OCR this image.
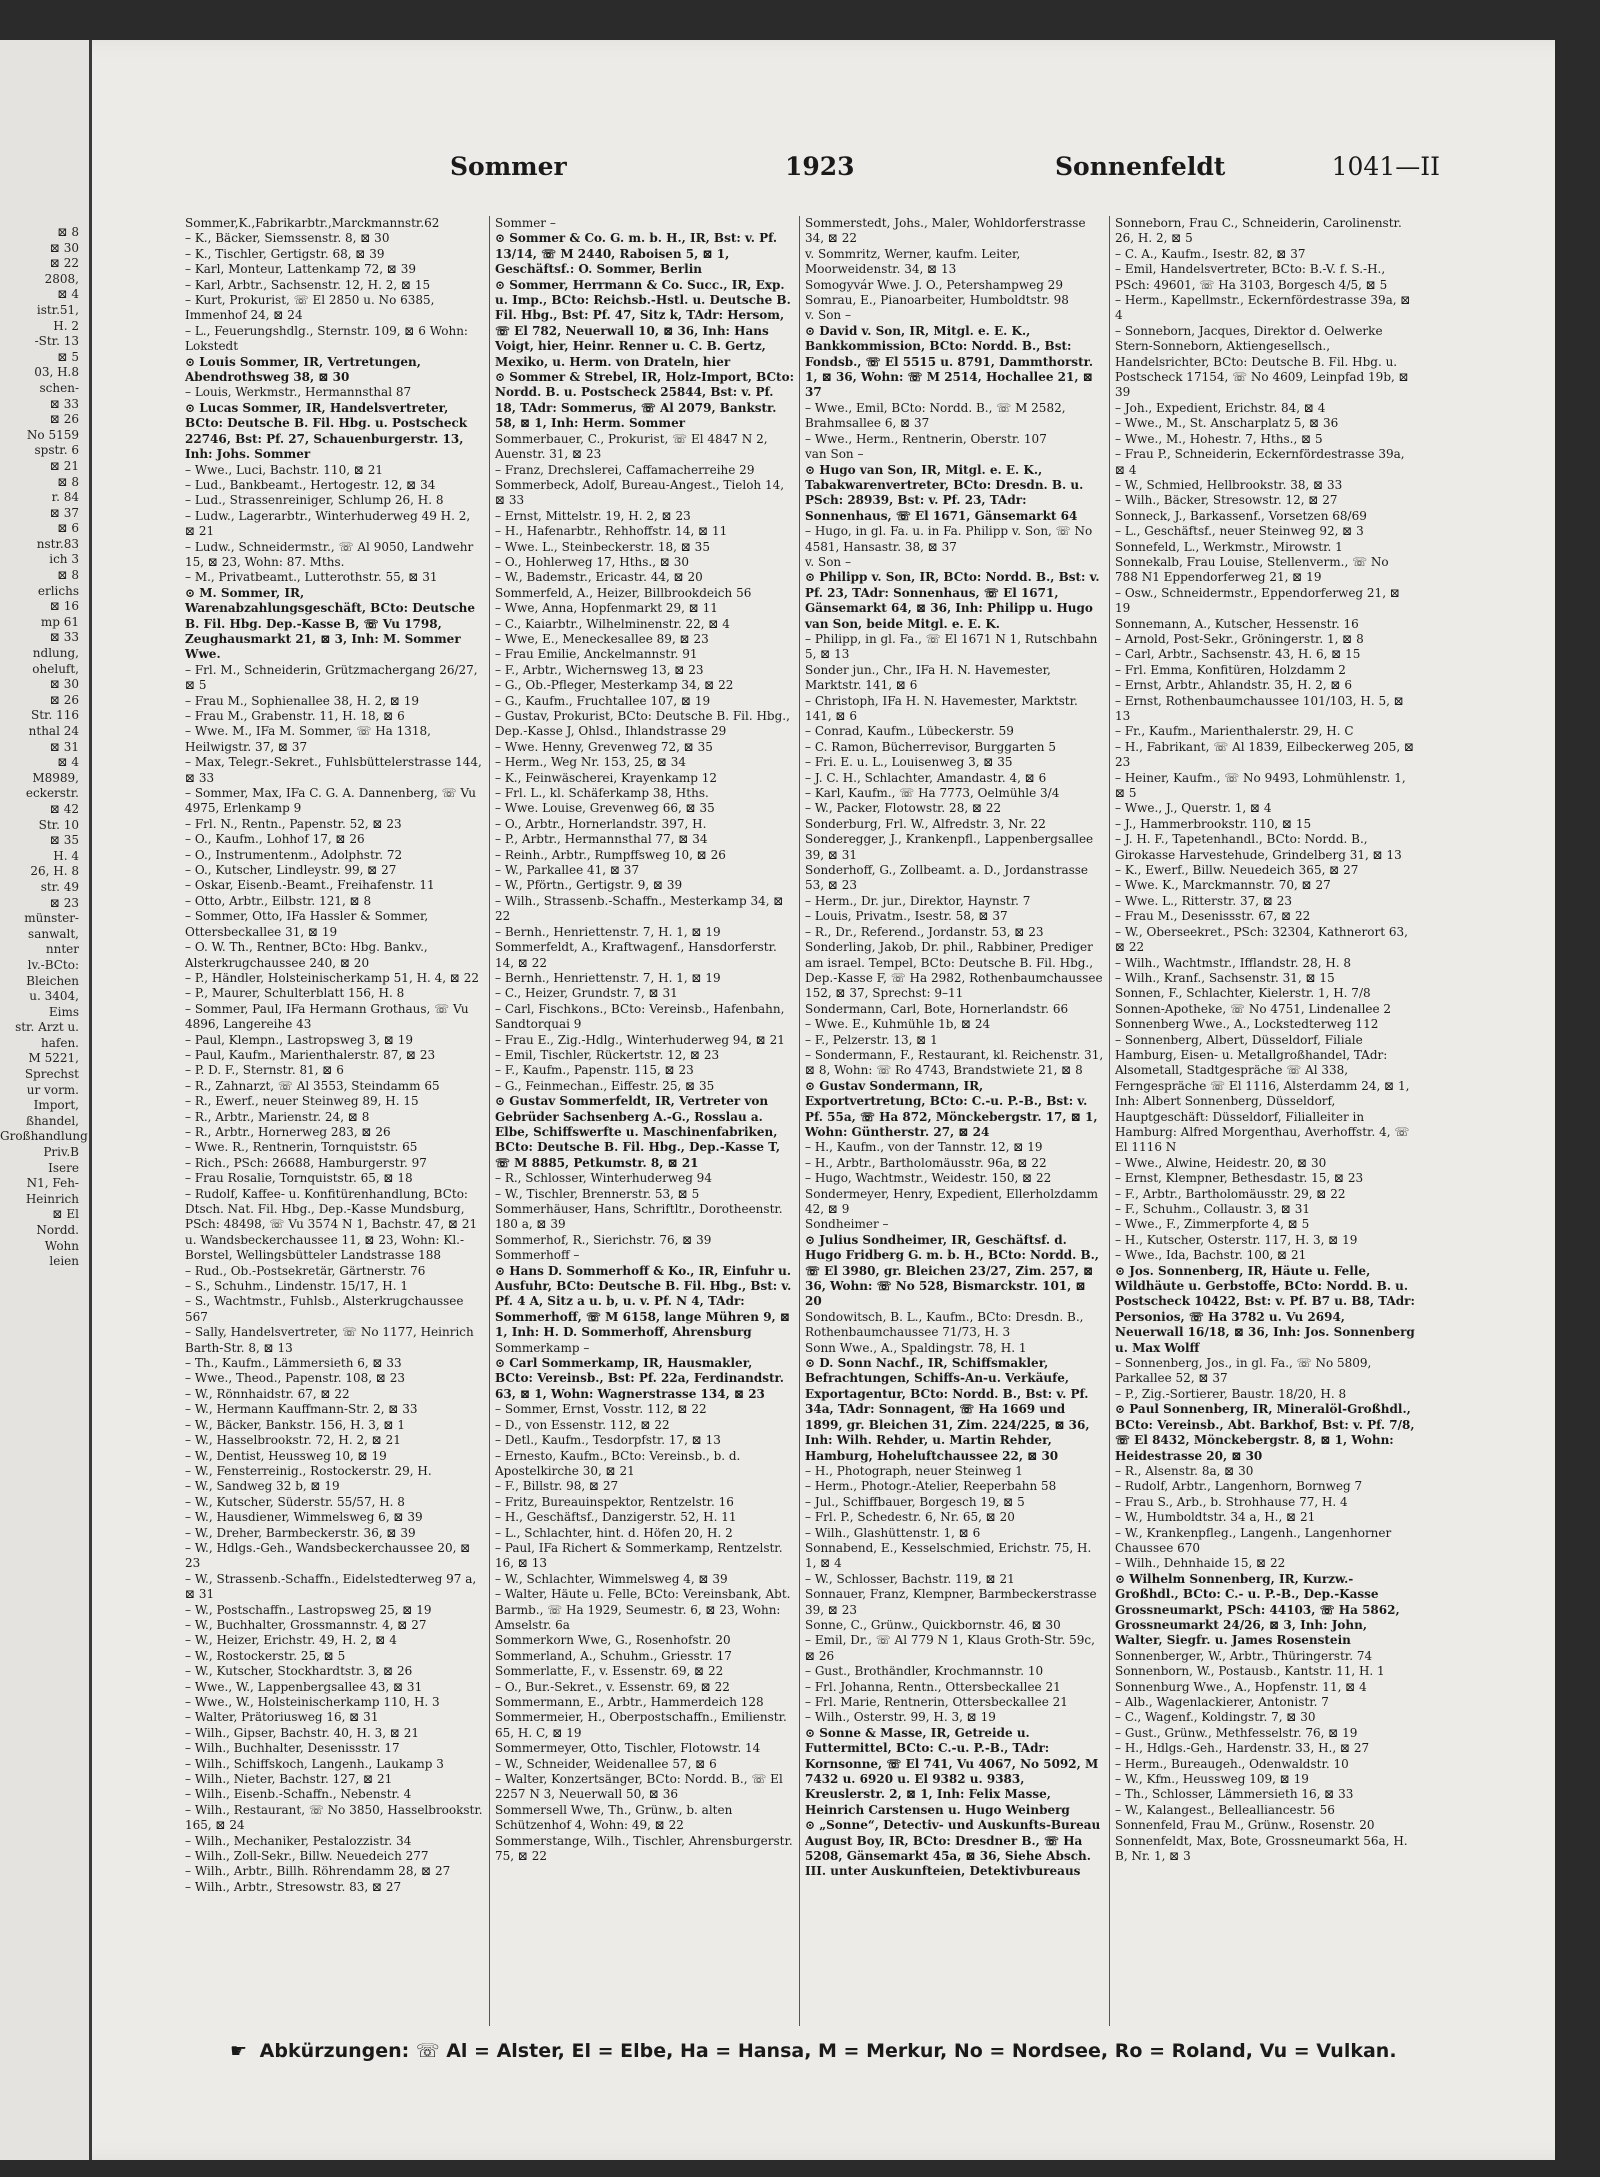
⊠ 8
⊠ 30
⊠ 22
2808,
⊠ 4
istr.51,
H. 2
-Str. 13
⊠ 5
03, H.8
schen-
⊠ 33
⊠ 26
No 5159
spstr. 6
⊠ 21
⊠ 8
r. 84
⊠ 37
⊠ 6
nstr.83
ich 3
⊠ 8
erlichs
⊠ 16
mp 61
⊠ 33
ndlung,
oheluft,
⊠ 30
⊠ 26
Str. 116
nthal 24
⊠ 31
⊠ 4
M8989,
eckerstr.
⊠ 42
Str. 10
⊠ 35
H. 4
26, H. 8
str. 49
⊠ 23
münster-
sanwalt,
nnter
lv.-BCto:
Bleichen
u. 3404,
Eims
str. Arzt u.
hafen.
M 5221,
Sprechst
ur vorm.
Import,
ßhandel,
Großhandlung
Priv.B
Isere
N1, Feh-
Heinrich
⊠ El
Nordd.
Wohn
leien
Sommer	1923	Sonnenfeldt	1041—II
Sommer,K.,Fabrikarbtr.,Marckmannstr.62
– K., Bäcker, Siemssenstr. 8, ⊠ 30
– K., Tischler, Gertigstr. 68, ⊠ 39
– Karl, Monteur, Lattenkamp 72, ⊠ 39
– Karl, Arbtr., Sachsenstr. 12, H. 2, ⊠ 15
– Kurt, Prokurist, ☏ El 2850 u. No 6385, Immenhof 24, ⊠ 24
– L., Feuerungshdlg., Sternstr. 109, ⊠ 6 Wohn: Lokstedt
⊙ Louis Sommer, IR, Vertretungen, Abendrothsweg 38, ⊠ 30
– Louis, Werkmstr., Hermannsthal 87
⊙ Lucas Sommer, IR, Handelsvertreter, BCto: Deutsche B. Fil. Hbg. u. Postscheck 22746, Bst: Pf. 27, Schauenburgerstr. 13, Inh: Johs. Sommer
– Wwe., Luci, Bachstr. 110, ⊠ 21
– Lud., Bankbeamt., Hertogestr. 12, ⊠ 34
– Lud., Strassenreiniger, Schlump 26, H. 8
– Ludw., Lagerarbtr., Winterhuderweg 49 H. 2, ⊠ 21
– Ludw., Schneidermstr., ☏ Al 9050, Landwehr 15, ⊠ 23, Wohn: 87. Mths.
– M., Privatbeamt., Lutterothstr. 55, ⊠ 31
⊙ M. Sommer, IR, Warenabzahlungsgeschäft, BCto: Deutsche B. Fil. Hbg. Dep.-Kasse B, ☏ Vu 1798, Zeughausmarkt 21, ⊠ 3, Inh: M. Sommer Wwe.
– Frl. M., Schneiderin, Grützmachergang 26/27, ⊠ 5
– Frau M., Sophienallee 38, H. 2, ⊠ 19
– Frau M., Grabenstr. 11, H. 18, ⊠ 6
– Wwe. M., IFa M. Sommer, ☏ Ha 1318, Heilwigstr. 37, ⊠ 37
– Max, Telegr.-Sekret., Fuhlsbüttelerstrasse 144, ⊠ 33
– Sommer, Max, IFa C. G. A. Dannenberg, ☏ Vu 4975, Erlenkamp 9
– Frl. N., Rentn., Papenstr. 52, ⊠ 23
– O., Kaufm., Lohhof 17, ⊠ 26
– O., Instrumentenm., Adolphstr. 72
– O., Kutscher, Lindleystr. 99, ⊠ 27
– Oskar, Eisenb.-Beamt., Freihafenstr. 11
– Otto, Arbtr., Eilbstr. 121, ⊠ 8
– Sommer, Otto, IFa Hassler & Sommer, Ottersbeckallee 31, ⊠ 19
– O. W. Th., Rentner, BCto: Hbg. Bankv., Alsterkrugchaussee 240, ⊠ 20
– P., Händler, Holsteinischerkamp 51, H. 4, ⊠ 22
– P., Maurer, Schulterblatt 156, H. 8
– Sommer, Paul, IFa Hermann Grothaus, ☏ Vu 4896, Langereihe 43
– Paul, Klempn., Lastropsweg 3, ⊠ 19
– Paul, Kaufm., Marienthalerstr. 87, ⊠ 23
– P. D. F., Sternstr. 81, ⊠ 6
– R., Zahnarzt, ☏ Al 3553, Steindamm 65
– R., Ewerf., neuer Steinweg 89, H. 15
– R., Arbtr., Marienstr. 24, ⊠ 8
– R., Arbtr., Hornerweg 283, ⊠ 26
– Wwe. R., Rentnerin, Tornquiststr. 65
– Rich., PSch: 26688, Hamburgerstr. 97
– Frau Rosalie, Tornquiststr. 65, ⊠ 18
– Rudolf, Kaffee- u. Konfitürenhandlung, BCto: Dtsch. Nat. Fil. Hbg., Dep.-Kasse Mundsburg, PSch: 48498, ☏ Vu 3574 N 1, Bachstr. 47, ⊠ 21 u. Wandsbeckerchaussee 11, ⊠ 23, Wohn: Kl.-Borstel, Wellingsbütteler Landstrasse 188
– Rud., Ob.-Postsekretär, Gärtnerstr. 76
– S., Schuhm., Lindenstr. 15/17, H. 1
– S., Wachtmstr., Fuhlsb., Alsterkrugchaussee 567
– Sally, Handelsvertreter, ☏ No 1177, Heinrich Barth-Str. 8, ⊠ 13
– Th., Kaufm., Lämmersieth 6, ⊠ 33
– Wwe., Theod., Papenstr. 108, ⊠ 23
– W., Rönnhaidstr. 67, ⊠ 22
– W., Hermann Kauffmann-Str. 2, ⊠ 33
– W., Bäcker, Bankstr. 156, H. 3, ⊠ 1
– W., Hasselbrookstr. 72, H. 2, ⊠ 21
– W., Dentist, Heussweg 10, ⊠ 19
– W., Fensterreinig., Rostockerstr. 29, H.
– W., Sandweg 32 b, ⊠ 19
– W., Kutscher, Süderstr. 55/57, H. 8
– W., Hausdiener, Wimmelsweg 6, ⊠ 39
– W., Dreher, Barmbeckerstr. 36, ⊠ 39
– W., Hdlgs.-Geh., Wandsbeckerchaussee 20, ⊠ 23
– W., Strassenb.-Schaffn., Eidelstedterweg 97 a, ⊠ 31
– W., Postschaffn., Lastropsweg 25, ⊠ 19
– W., Buchhalter, Grossmannstr. 4, ⊠ 27
– W., Heizer, Erichstr. 49, H. 2, ⊠ 4
– W., Rostockerstr. 25, ⊠ 5
– W., Kutscher, Stockhardtstr. 3, ⊠ 26
– Wwe., W., Lappenbergsallee 43, ⊠ 31
– Wwe., W., Holsteinischerkamp 110, H. 3
– Walter, Prätoriusweg 16, ⊠ 31
– Wilh., Gipser, Bachstr. 40, H. 3, ⊠ 21
– Wilh., Buchhalter, Desenissstr. 17
– Wilh., Schiffskoch, Langenh., Laukamp 3
– Wilh., Nieter, Bachstr. 127, ⊠ 21
– Wilh., Eisenb.-Schaffn., Nebenstr. 4
– Wilh., Restaurant, ☏ No 3850, Hasselbrookstr. 165, ⊠ 24
– Wilh., Mechaniker, Pestalozzistr. 34
– Wilh., Zoll-Sekr., Billw. Neuedeich 277
– Wilh., Arbtr., Billh. Röhrendamm 28, ⊠ 27
– Wilh., Arbtr., Stresowstr. 83, ⊠ 27
Sommer –
⊙ Sommer & Co. G. m. b. H., IR, Bst: v. Pf. 13/14, ☏ M 2440, Raboisen 5, ⊠ 1, Geschäftsf.: O. Sommer, Berlin
⊙ Sommer, Herrmann & Co. Succ., IR, Exp. u. Imp., BCto: Reichsb.-Hstl. u. Deutsche B. Fil. Hbg., Bst: Pf. 47, Sitz k, TAdr: Hersom, ☏ El 782, Neuerwall 10, ⊠ 36, Inh: Hans Voigt, hier, Heinr. Renner u. C. B. Gertz, Mexiko, u. Herm. von Drateln, hier
⊙ Sommer & Strebel, IR, Holz-Import, BCto: Nordd. B. u. Postscheck 25844, Bst: v. Pf. 18, TAdr: Sommerus, ☏ Al 2079, Bankstr. 58, ⊠ 1, Inh: Herm. Sommer
Sommerbauer, C., Prokurist, ☏ El 4847 N 2, Auenstr. 31, ⊠ 23
– Franz, Drechslerei, Caffamacherreihe 29
Sommerbeck, Adolf, Bureau-Angest., Tieloh 14, ⊠ 33
– Ernst, Mittelstr. 19, H. 2, ⊠ 23
– H., Hafenarbtr., Rehhoffstr. 14, ⊠ 11
– Wwe. L., Steinbeckerstr. 18, ⊠ 35
– O., Hohlerweg 17, Hths., ⊠ 30
– W., Bademstr., Ericastr. 44, ⊠ 20
Sommerfeld, A., Heizer, Billbrookdeich 56
– Wwe, Anna, Hopfenmarkt 29, ⊠ 11
– C., Kaiarbtr., Wilhelminenstr. 22, ⊠ 4
– Wwe, E., Meneckesallee 89, ⊠ 23
– Frau Emilie, Anckelmannstr. 91
– F., Arbtr., Wichernsweg 13, ⊠ 23
– G., Ob.-Pfleger, Mesterkamp 34, ⊠ 22
– G., Kaufm., Fruchtallee 107, ⊠ 19
– Gustav, Prokurist, BCto: Deutsche B. Fil. Hbg., Dep.-Kasse J, Ohlsd., Ihlandstrasse 29
– Wwe. Henny, Grevenweg 72, ⊠ 35
– Herm., Weg Nr. 153, 25, ⊠ 34
– K., Feinwäscherei, Krayenkamp 12
– Frl. L., kl. Schäferkamp 38, Hths.
– Wwe. Louise, Grevenweg 66, ⊠ 35
– O., Arbtr., Hornerlandstr. 397, H.
– P., Arbtr., Hermannsthal 77, ⊠ 34
– Reinh., Arbtr., Rumpffsweg 10, ⊠ 26
– W., Parkallee 41, ⊠ 37
– W., Pförtn., Gertigstr. 9, ⊠ 39
– Wilh., Strassenb.-Schaffn., Mesterkamp 34, ⊠ 22
– Bernh., Henriettenstr. 7, H. 1, ⊠ 19
Sommerfeldt, A., Kraftwagenf., Hansdorferstr. 14, ⊠ 22
– Bernh., Henriettenstr. 7, H. 1, ⊠ 19
– C., Heizer, Grundstr. 7, ⊠ 31
– Carl, Fischkons., BCto: Vereinsb., Hafenbahn, Sandtorquai 9
– Frau E., Zig.-Hdlg., Winterhuderweg 94, ⊠ 21
– Emil, Tischler, Rückertstr. 12, ⊠ 23
– F., Kaufm., Papenstr. 115, ⊠ 23
– G., Feinmechan., Eiffestr. 25, ⊠ 35
⊙ Gustav Sommerfeldt, IR, Vertreter von Gebrüder Sachsenberg A.-G., Rosslau a. Elbe, Schiffswerfte u. Maschinenfabriken, BCto: Deutsche B. Fil. Hbg., Dep.-Kasse T, ☏ M 8885, Petkumstr. 8, ⊠ 21
– R., Schlosser, Winterhuderweg 94
– W., Tischler, Brennerstr. 53, ⊠ 5
Sommerhäuser, Hans, Schriftltr., Dorotheenstr. 180 a, ⊠ 39
Sommerhof, R., Sierichstr. 76, ⊠ 39
Sommerhoff –
⊙ Hans D. Sommerhoff & Ko., IR, Einfuhr u. Ausfuhr, BCto: Deutsche B. Fil. Hbg., Bst: v. Pf. 4 A, Sitz a u. b, u. v. Pf. N 4, TAdr: Sommerhoff, ☏ M 6158, lange Mühren 9, ⊠ 1, Inh: H. D. Sommerhoff, Ahrensburg
Sommerkamp –
⊙ Carl Sommerkamp, IR, Hausmakler, BCto: Vereinsb., Bst: Pf. 22a, Ferdinandstr. 63, ⊠ 1, Wohn: Wagnerstrasse 134, ⊠ 23
– Sommer, Ernst, Vosstr. 112, ⊠ 22
– D., von Essenstr. 112, ⊠ 22
– Detl., Kaufm., Tesdorpfstr. 17, ⊠ 13
– Ernesto, Kaufm., BCto: Vereinsb., b. d. Apostelkirche 30, ⊠ 21
– F., Billstr. 98, ⊠ 27
– Fritz, Bureauinspektor, Rentzelstr. 16
– H., Geschäftsf., Danzigerstr. 52, H. 11
– L., Schlachter, hint. d. Höfen 20, H. 2
– Paul, IFa Richert & Sommerkamp, Rentzelstr. 16, ⊠ 13
– W., Schlachter, Wimmelsweg 4, ⊠ 39
– Walter, Häute u. Felle, BCto: Vereinsbank, Abt. Barmb., ☏ Ha 1929, Seumestr. 6, ⊠ 23, Wohn: Amselstr. 6a
Sommerkorn Wwe, G., Rosenhofstr. 20
Sommerland, A., Schuhm., Griesstr. 17
Sommerlatte, F., v. Essenstr. 69, ⊠ 22
– O., Bur.-Sekret., v. Essenstr. 69, ⊠ 22
Sommermann, E., Arbtr., Hammerdeich 128
Sommermeier, H., Oberpostschaffn., Emilienstr. 65, H. C, ⊠ 19
Sommermeyer, Otto, Tischler, Flotowstr. 14
– W., Schneider, Weidenallee 57, ⊠ 6
– Walter, Konzertsänger, BCto: Nordd. B., ☏ El 2257 N 3, Neuerwall 50, ⊠ 36
Sommersell Wwe, Th., Grünw., b. alten Schützenhof 4, Wohn: 49, ⊠ 22
Sommerstange, Wilh., Tischler, Ahrensburgerstr. 75, ⊠ 22
Sommerstedt, Johs., Maler, Wohldorferstrasse 34, ⊠ 22
v. Sommritz, Werner, kaufm. Leiter, Moorweidenstr. 34, ⊠ 13
Somogyvár Wwe. J. O., Petershampweg 29
Somrau, E., Pianoarbeiter, Humboldtstr. 98
v. Son –
⊙ David v. Son, IR, Mitgl. e. E. K., Bankkommission, BCto: Nordd. B., Bst: Fondsb., ☏ El 5515 u. 8791, Dammthorstr. 1, ⊠ 36, Wohn: ☏ M 2514, Hochallee 21, ⊠ 37
– Wwe., Emil, BCto: Nordd. B., ☏ M 2582, Brahmsallee 6, ⊠ 37
– Wwe., Herm., Rentnerin, Oberstr. 107
van Son –
⊙ Hugo van Son, IR, Mitgl. e. E. K., Tabakwarenvertreter, BCto: Dresdn. B. u. PSch: 28939, Bst: v. Pf. 23, TAdr: Sonnenhaus, ☏ El 1671, Gänsemarkt 64
– Hugo, in gl. Fa. u. in Fa. Philipp v. Son, ☏ No 4581, Hansastr. 38, ⊠ 37
v. Son –
⊙ Philipp v. Son, IR, BCto: Nordd. B., Bst: v. Pf. 23, TAdr: Sonnenhaus, ☏ El 1671, Gänsemarkt 64, ⊠ 36, Inh: Philipp u. Hugo van Son, beide Mitgl. e. E. K.
– Philipp, in gl. Fa., ☏ El 1671 N 1, Rutschbahn 5, ⊠ 13
Sonder jun., Chr., IFa H. N. Havemester, Marktstr. 141, ⊠ 6
– Christoph, IFa H. N. Havemester, Marktstr. 141, ⊠ 6
– Conrad, Kaufm., Lübeckerstr. 59
– C. Ramon, Bücherrevisor, Burggarten 5
– Fri. E. u. L., Louisenweg 3, ⊠ 35
– J. C. H., Schlachter, Amandastr. 4, ⊠ 6
– Karl, Kaufm., ☏ Ha 7773, Oelmühle 3/4
– W., Packer, Flotowstr. 28, ⊠ 22
Sonderburg, Frl. W., Alfredstr. 3, Nr. 22
Sonderegger, J., Krankenpfl., Lappenbergsallee 39, ⊠ 31
Sonderhoff, G., Zollbeamt. a. D., Jordanstrasse 53, ⊠ 23
– Herm., Dr. jur., Direktor, Haynstr. 7
– Louis, Privatm., Isestr. 58, ⊠ 37
– R., Dr., Referend., Jordanstr. 53, ⊠ 23
Sonderling, Jakob, Dr. phil., Rabbiner, Prediger am israel. Tempel, BCto: Deutsche B. Fil. Hbg., Dep.-Kasse F, ☏ Ha 2982, Rothenbaumchaussee 152, ⊠ 37, Sprechst: 9–11
Sondermann, Carl, Bote, Hornerlandstr. 66
– Wwe. E., Kuhmühle 1b, ⊠ 24
– F., Pelzerstr. 13, ⊠ 1
– Sondermann, F., Restaurant, kl. Reichenstr. 31, ⊠ 8, Wohn: ☏ Ro 4743, Brandstwiete 21, ⊠ 8
⊙ Gustav Sondermann, IR, Exportvertretung, BCto: C.-u. P.-B., Bst: v. Pf. 55a, ☏ Ha 872, Mönckebergstr. 17, ⊠ 1, Wohn: Güntherstr. 27, ⊠ 24
– H., Kaufm., von der Tannstr. 12, ⊠ 19
– H., Arbtr., Bartholomäusstr. 96a, ⊠ 22
– Hugo, Wachtmstr., Weidestr. 150, ⊠ 22
Sondermeyer, Henry, Expedient, Ellerholzdamm 42, ⊠ 9
Sondheimer –
⊙ Julius Sondheimer, IR, Geschäftsf. d. Hugo Fridberg G. m. b. H., BCto: Nordd. B., ☏ El 3980, gr. Bleichen 23/27, Zim. 257, ⊠ 36, Wohn: ☏ No 528, Bismarckstr. 101, ⊠ 20
Sondowitsch, B. L., Kaufm., BCto: Dresdn. B., Rothenbaumchaussee 71/73, H. 3
Sonn Wwe., A., Spaldingstr. 78, H. 1
⊙ D. Sonn Nachf., IR, Schiffsmakler, Befrachtungen, Schiffs-An-u. Verkäufe, Exportagentur, BCto: Nordd. B., Bst: v. Pf. 34a, TAdr: Sonnagent, ☏ Ha 1669 und 1899, gr. Bleichen 31, Zim. 224/225, ⊠ 36, Inh: Wilh. Rehder, u. Martin Rehder, Hamburg, Hoheluftchaussee 22, ⊠ 30
– H., Photograph, neuer Steinweg 1
– Herm., Photogr.-Atelier, Reeperbahn 58
– Jul., Schiffbauer, Borgesch 19, ⊠ 5
– Frl. P., Schedestr. 6, Nr. 65, ⊠ 20
– Wilh., Glashüttenstr. 1, ⊠ 6
Sonnabend, E., Kesselschmied, Erichstr. 75, H. 1, ⊠ 4
– W., Schlosser, Bachstr. 119, ⊠ 21
Sonnauer, Franz, Klempner, Barmbeckerstrasse 39, ⊠ 23
Sonne, C., Grünw., Quickbornstr. 46, ⊠ 30
– Emil, Dr., ☏ Al 779 N 1, Klaus Groth-Str. 59c, ⊠ 26
– Gust., Brothändler, Krochmannstr. 10
– Frl. Johanna, Rentn., Ottersbeckallee 21
– Frl. Marie, Rentnerin, Ottersbeckallee 21
– Wilh., Osterstr. 99, H. 3, ⊠ 19
⊙ Sonne & Masse, IR, Getreide u. Futtermittel, BCto: C.-u. P.-B., TAdr: Kornsonne, ☏ El 741, Vu 4067, No 5092, M 7432 u. 6920 u. El 9382 u. 9383, Kreuslerstr. 2, ⊠ 1, Inh: Felix Masse, Heinrich Carstensen u. Hugo Weinberg
⊙ „Sonne“, Detectiv- und Auskunfts-Bureau August Boy, IR, BCto: Dresdner B., ☏ Ha 5208, Gänsemarkt 45a, ⊠ 36, Siehe Absch. III. unter Auskunfteien, Detektivbureaus
Sonneborn, Frau C., Schneiderin, Carolinenstr. 26, H. 2, ⊠ 5
– C. A., Kaufm., Isestr. 82, ⊠ 37
– Emil, Handelsvertreter, BCto: B.-V. f. S.-H., PSch: 49601, ☏ Ha 3103, Borgesch 4/5, ⊠ 5
– Herm., Kapellmstr., Eckernfördestrasse 39a, ⊠ 4
– Sonneborn, Jacques, Direktor d. Oelwerke Stern-Sonneborn, Aktiengesellsch., Handelsrichter, BCto: Deutsche B. Fil. Hbg. u. Postscheck 17154, ☏ No 4609, Leinpfad 19b, ⊠ 39
– Joh., Expedient, Erichstr. 84, ⊠ 4
– Wwe., M., St. Anscharplatz 5, ⊠ 36
– Wwe., M., Hohestr. 7, Hths., ⊠ 5
– Frau P., Schneiderin, Eckernfördestrasse 39a, ⊠ 4
– W., Schmied, Hellbrookstr. 38, ⊠ 33
– Wilh., Bäcker, Stresowstr. 12, ⊠ 27
Sonneck, J., Barkassenf., Vorsetzen 68/69
– L., Geschäftsf., neuer Steinweg 92, ⊠ 3
Sonnefeld, L., Werkmstr., Mirowstr. 1
Sonnekalb, Frau Louise, Stellenverm., ☏ No 788 N1 Eppendorferweg 21, ⊠ 19
– Osw., Schneidermstr., Eppendorferweg 21, ⊠ 19
Sonnemann, A., Kutscher, Hessenstr. 16
– Arnold, Post-Sekr., Gröningerstr. 1, ⊠ 8
– Carl, Arbtr., Sachsenstr. 43, H. 6, ⊠ 15
– Frl. Emma, Konfitüren, Holzdamm 2
– Ernst, Arbtr., Ahlandstr. 35, H. 2, ⊠ 6
– Ernst, Rothenbaumchaussee 101/103, H. 5, ⊠ 13
– Fr., Kaufm., Marienthalerstr. 29, H. C
– H., Fabrikant, ☏ Al 1839, Eilbeckerweg 205, ⊠ 23
– Heiner, Kaufm., ☏ No 9493, Lohmühlenstr. 1, ⊠ 5
– Wwe., J., Querstr. 1, ⊠ 4
– J., Hammerbrookstr. 110, ⊠ 15
– J. H. F., Tapetenhandl., BCto: Nordd. B., Girokasse Harvestehude, Grindelberg 31, ⊠ 13
– K., Ewerf., Billw. Neuedeich 365, ⊠ 27
– Wwe. K., Marckmannstr. 70, ⊠ 27
– Wwe. L., Ritterstr. 37, ⊠ 23
– Frau M., Desenissstr. 67, ⊠ 22
– W., Oberseekret., PSch: 32304, Kathnerort 63, ⊠ 22
– Wilh., Wachtmstr., Ifflandstr. 28, H. 8
– Wilh., Kranf., Sachsenstr. 31, ⊠ 15
Sonnen, F., Schlachter, Kielerstr. 1, H. 7/8
Sonnen-Apotheke, ☏ No 4751, Lindenallee 2
Sonnenberg Wwe., A., Lockstedterweg 112
– Sonnenberg, Albert, Düsseldorf, Filiale Hamburg, Eisen- u. Metallgroßhandel, TAdr: Alsometall, Stadtgespräche ☏ Al 338, Ferngespräche ☏ El 1116, Alsterdamm 24, ⊠ 1, Inh: Albert Sonnenberg, Düsseldorf, Hauptgeschäft: Düsseldorf, Filialleiter in Hamburg: Alfred Morgenthau, Averhoffstr. 4, ☏ El 1116 N
– Wwe., Alwine, Heidestr. 20, ⊠ 30
– Ernst, Klempner, Bethesdastr. 15, ⊠ 23
– F., Arbtr., Bartholomäusstr. 29, ⊠ 22
– F., Schuhm., Collaustr. 3, ⊠ 31
– Wwe., F., Zimmerpforte 4, ⊠ 5
– H., Kutscher, Osterstr. 117, H. 3, ⊠ 19
– Wwe., Ida, Bachstr. 100, ⊠ 21
⊙ Jos. Sonnenberg, IR, Häute u. Felle, Wildhäute u. Gerbstoffe, BCto: Nordd. B. u. Postscheck 10422, Bst: v. Pf. B7 u. B8, TAdr: Personios, ☏ Ha 3782 u. Vu 2694, Neuerwall 16/18, ⊠ 36, Inh: Jos. Sonnenberg u. Max Wolff
– Sonnenberg, Jos., in gl. Fa., ☏ No 5809, Parkallee 52, ⊠ 37
– P., Zig.-Sortierer, Baustr. 18/20, H. 8
⊙ Paul Sonnenberg, IR, Mineralöl-Großhdl., BCto: Vereinsb., Abt. Barkhof, Bst: v. Pf. 7/8, ☏ El 8432, Mönckebergstr. 8, ⊠ 1, Wohn: Heidestrasse 20, ⊠ 30
– R., Alsenstr. 8a, ⊠ 30
– Rudolf, Arbtr., Langenhorn, Bornweg 7
– Frau S., Arb., b. Strohhause 77, H. 4
– W., Humboldtstr. 34 a, H., ⊠ 21
– W., Krankenpfleg., Langenh., Langenhorner Chaussee 670
– Wilh., Dehnhaide 15, ⊠ 22
⊙ Wilhelm Sonnenberg, IR, Kurzw.-Großhdl., BCto: C.- u. P.-B., Dep.-Kasse Grossneumarkt, PSch: 44103, ☏ Ha 5862, Grossneumarkt 24/26, ⊠ 3, Inh: John, Walter, Siegfr. u. James Rosenstein
Sonnenberger, W., Arbtr., Thüringerstr. 74
Sonnenborn, W., Postausb., Kantstr. 11, H. 1
Sonnenburg Wwe., A., Hopfenstr. 11, ⊠ 4
– Alb., Wagenlackierer, Antonistr. 7
– C., Wagenf., Koldingstr. 7, ⊠ 30
– Gust., Grünw., Methfesselstr. 76, ⊠ 19
– H., Hdlgs.-Geh., Hardenstr. 33, H., ⊠ 27
– Herm., Bureaugeh., Odenwaldstr. 10
– W., Kfm., Heussweg 109, ⊠ 19
– Th., Schlosser, Lämmersieth 16, ⊠ 33
– W., Kalangest., Bellealliancestr. 56
Sonnenfeld, Frau M., Grünw., Rosenstr. 20
Sonnenfeldt, Max, Bote, Grossneumarkt 56a, H. B, Nr. 1, ⊠ 3
☛ Abkürzungen: ☏ Al = Alster, El = Elbe, Ha = Hansa, M = Merkur, No = Nordsee, Ro = Roland, Vu = Vulkan.
